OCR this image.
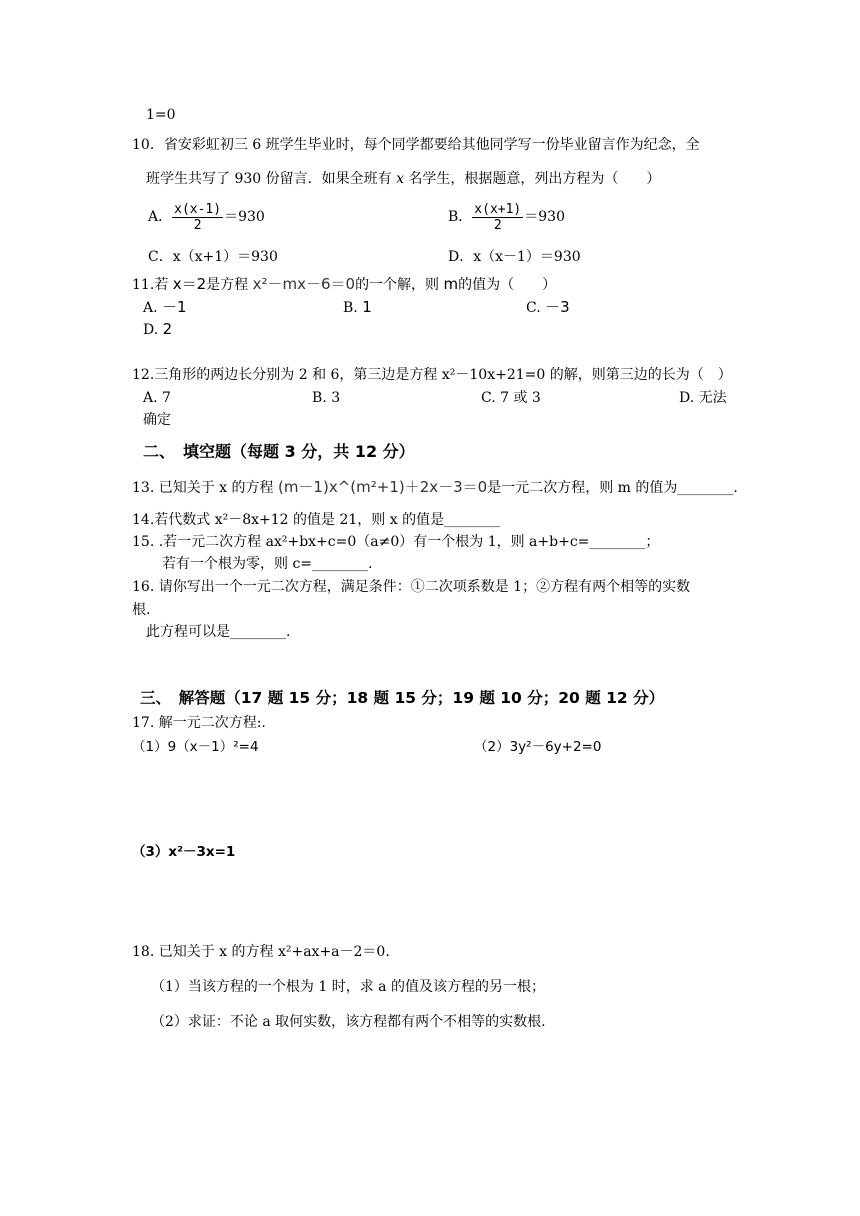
1=0
10．省安彩虹初三 6 班学生毕业时，每个同学都要给其他同学写一份毕业留言作为纪念，全
班学生共写了 930 份留言．如果全班有 x 名学生，根据题意，列出方程为（　　）
A． $\frac{x(x-1)}{2} =930$	B． $\frac{x(x+1)}{2} =930$
C．x（x+1）＝930	D．x（x－1）＝930
11.若 x＝2是方程 x²－mx－6＝0的一个解，则 m的值为（　　）
A. －1	B. 1	C. －3
D. 2
12.三角形的两边长分别为 2 和 6，第三边是方程 x²－10x+21=0 的解，则第三边的长为（　）
A. 7	B. 3	C. 7 或 3	D. 无法
确定
二、　填空题（每题 3 分，共 12 分）
13. 已知关于 x 的方程 (m－1)x^(m²+1)＋2x－3＝0是一元二次方程，则 m 的值为________.
14.若代数式 x²－8x+12 的值是 21，则 x 的值是________
15. .若一元二次方程 ax²+bx+c=0（a≠0）有一个根为 1，则 a+b+c=________；
若有一个根为零，则 c=________.
16. 请你写出一个一元二次方程，满足条件：①二次项系数是 1；②方程有两个相等的实数
根.
此方程可以是________.
三、　解答题（17 题 15 分；18 题 15 分；19 题 10 分；20 题 12 分）
17. 解一元二次方程:.
（1）9（x－1）²=4	（2）3y²－6y+2=0
（3）x²－3x=1
18. 已知关于 x 的方程 x²+ax+a－2＝0.
（1）当该方程的一个根为 1 时，求 a 的值及该方程的另一根；
（2）求证：不论 a 取何实数，该方程都有两个不相等的实数根.
